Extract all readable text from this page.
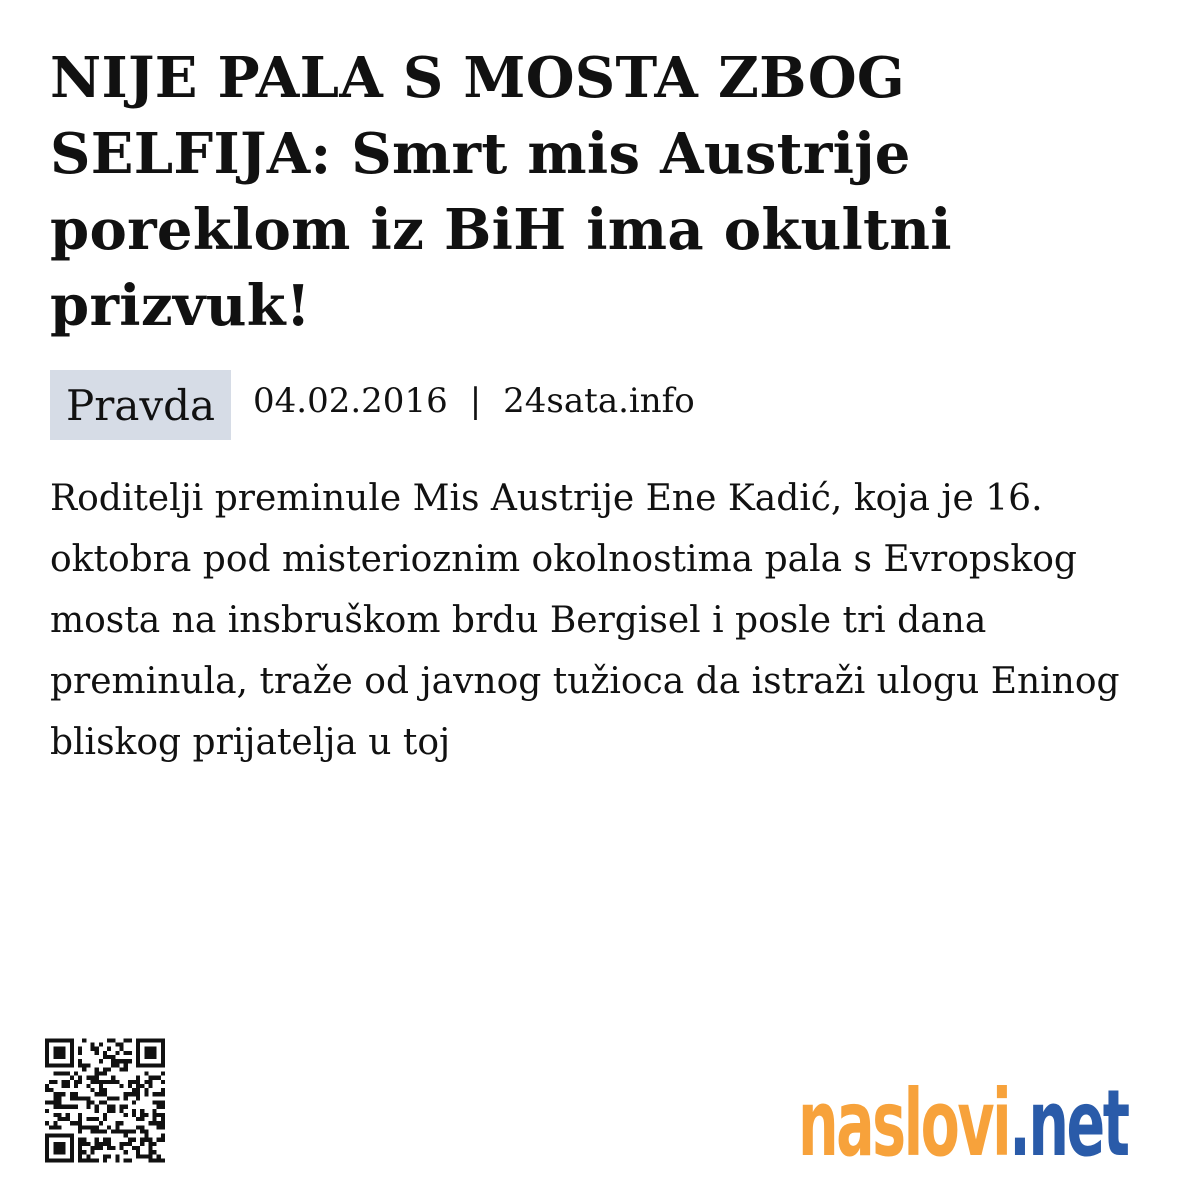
NIJE PALA S MOSTA ZBOG SELFIJA: Smrt mis Austrije poreklom iz BiH ima okultni prizvuk!
Pravda	04.02.2016 | 24sata.info

Roditelji preminule Mis Austrije Ene Kadić, koja je 16. oktobra pod misterioznim okolnostima pala s Evropskog mosta na insbruškom brdu Bergisel i posle tri dana preminula, traže od javnog tužioca da istraži ulogu Eninog bliskog prijatelja u toj

naslovi .net
